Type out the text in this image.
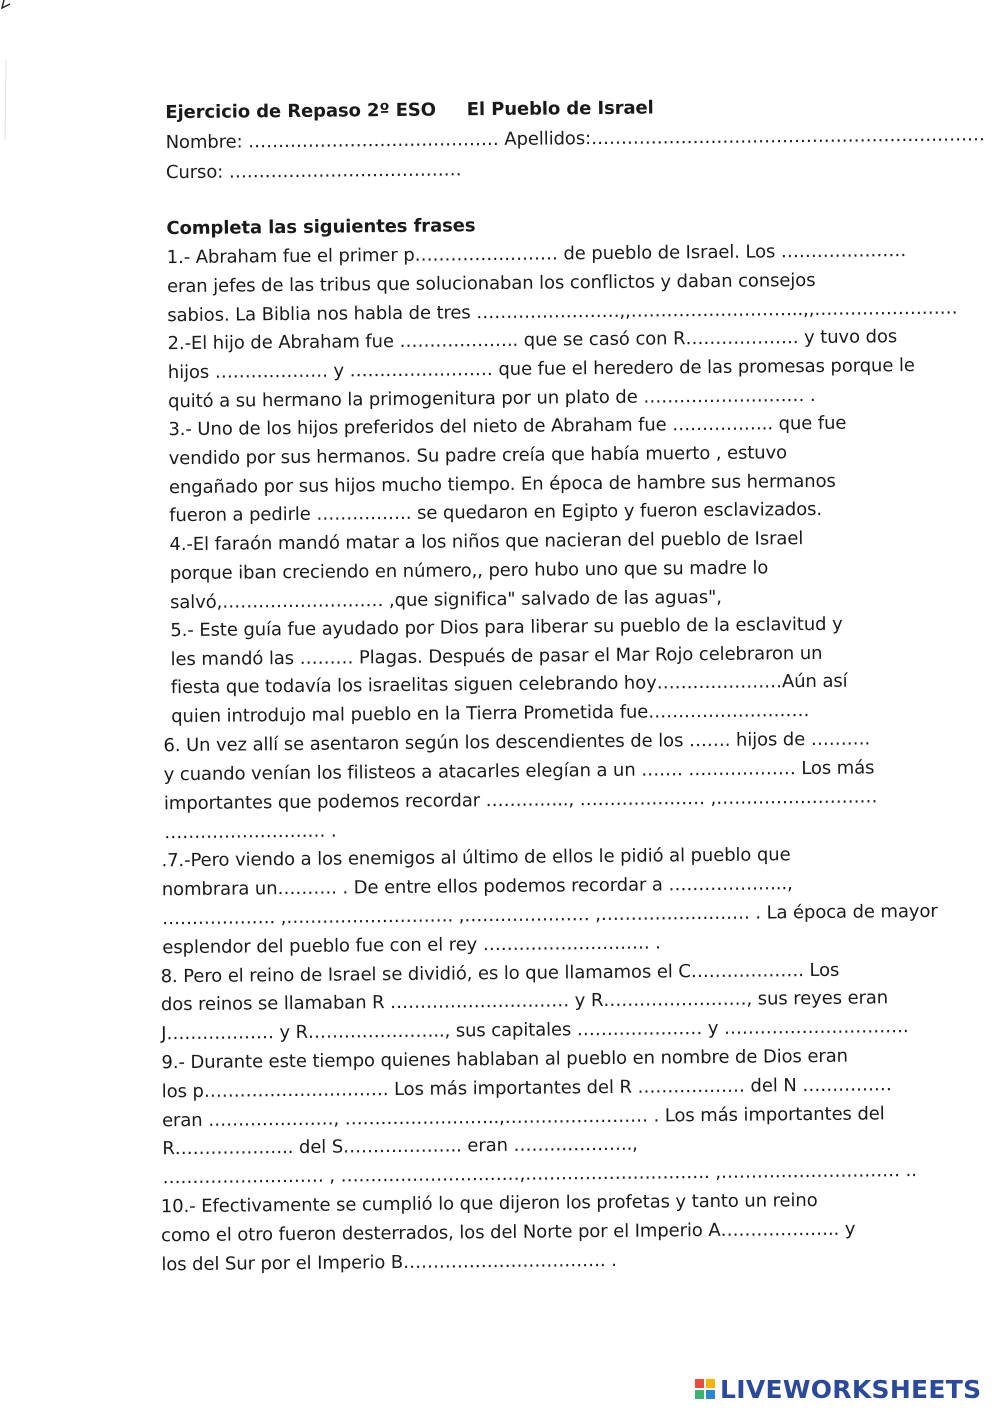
Ejercicio de Repaso 2º ESO     El Pueblo de Israel
Nombre: …………………………………… Apellidos:…………………………………………………………
Curso: …………………………………
Completa las siguientes frases
1.- Abraham fue el primer p…………………… de pueblo de Israel. Los …………………
eran jefes de las tribus que solucionaban los conflictos y daban consejos
sabios. La Biblia nos habla de tres ……………………,,………………………..,,……………………
2.-El hijo de Abraham fue ……………….. que se casó con R………………. y tuvo dos
hijos ………………. y …………………… que fue el heredero de las promesas porque le
quitó a su hermano la primogenitura por un plato de ……………………… .
3.- Uno de los hijos preferidos del nieto de Abraham fue …………….. que fue
vendido por sus hermanos. Su padre creía que había muerto , estuvo
engañado por sus hijos mucho tiempo. En época de hambre sus hermanos
fueron a pedirle ……………. se quedaron en Egipto y fueron esclavizados.
4.-El faraón mandó matar a los niños que nacieran del pueblo de Israel
porque iban creciendo en número,, pero hubo uno que su madre lo
salvó,……………………… ,que significa" salvado de las aguas",
5.- Este guía fue ayudado por Dios para liberar su pueblo de la esclavitud y
les mandó las ……… Plagas. Después de pasar el Mar Rojo celebraron un
fiesta que todavía los israelitas siguen celebrando hoy…………………Aún así
quien introdujo mal pueblo en la Tierra Prometida fue………………………
6. Un vez allí se asentaron según los descendientes de los ……. hijos de ……….
y cuando venían los filisteos a atacarles elegían a un ……. ……………… Los más
importantes que podemos recordar ………….., ………………… ,………………………
……………………… .
.7.-Pero viendo a los enemigos al último de ellos le pidió al pueblo que
nombrara un………. . De entre ellos podemos recordar a ………………..,
………………. ,………………………. ,………………… ,……………………. . La época de mayor
esplendor del pueblo fue con el rey ………………………. .
8. Pero el reino de Israel se dividió, es lo que llamamos el C………………. Los
dos reinos se llamaban R ………………………… y R……………………, sus reyes eran
J……………… y R………………….., sus capitales ………………… y ………………………….
9.- Durante este tiempo quienes hablaban al pueblo en nombre de Dios eran
los p…………………………. Los más importantes del R ……………… del N ……………
eran …………………, ……………………..,…………………… . Los más importantes del
R……………….. del S……………….. eran ………………..,
……………………… , …………………………,…………………………. ,………………………… ..
10.- Efectivamente se cumplió lo que dijeron los profetas y tanto un reino
como el otro fueron desterrados, los del Norte por el Imperio A……………….. y
los del Sur por el Imperio B……………………………. .
LIVEWORKSHEETS
